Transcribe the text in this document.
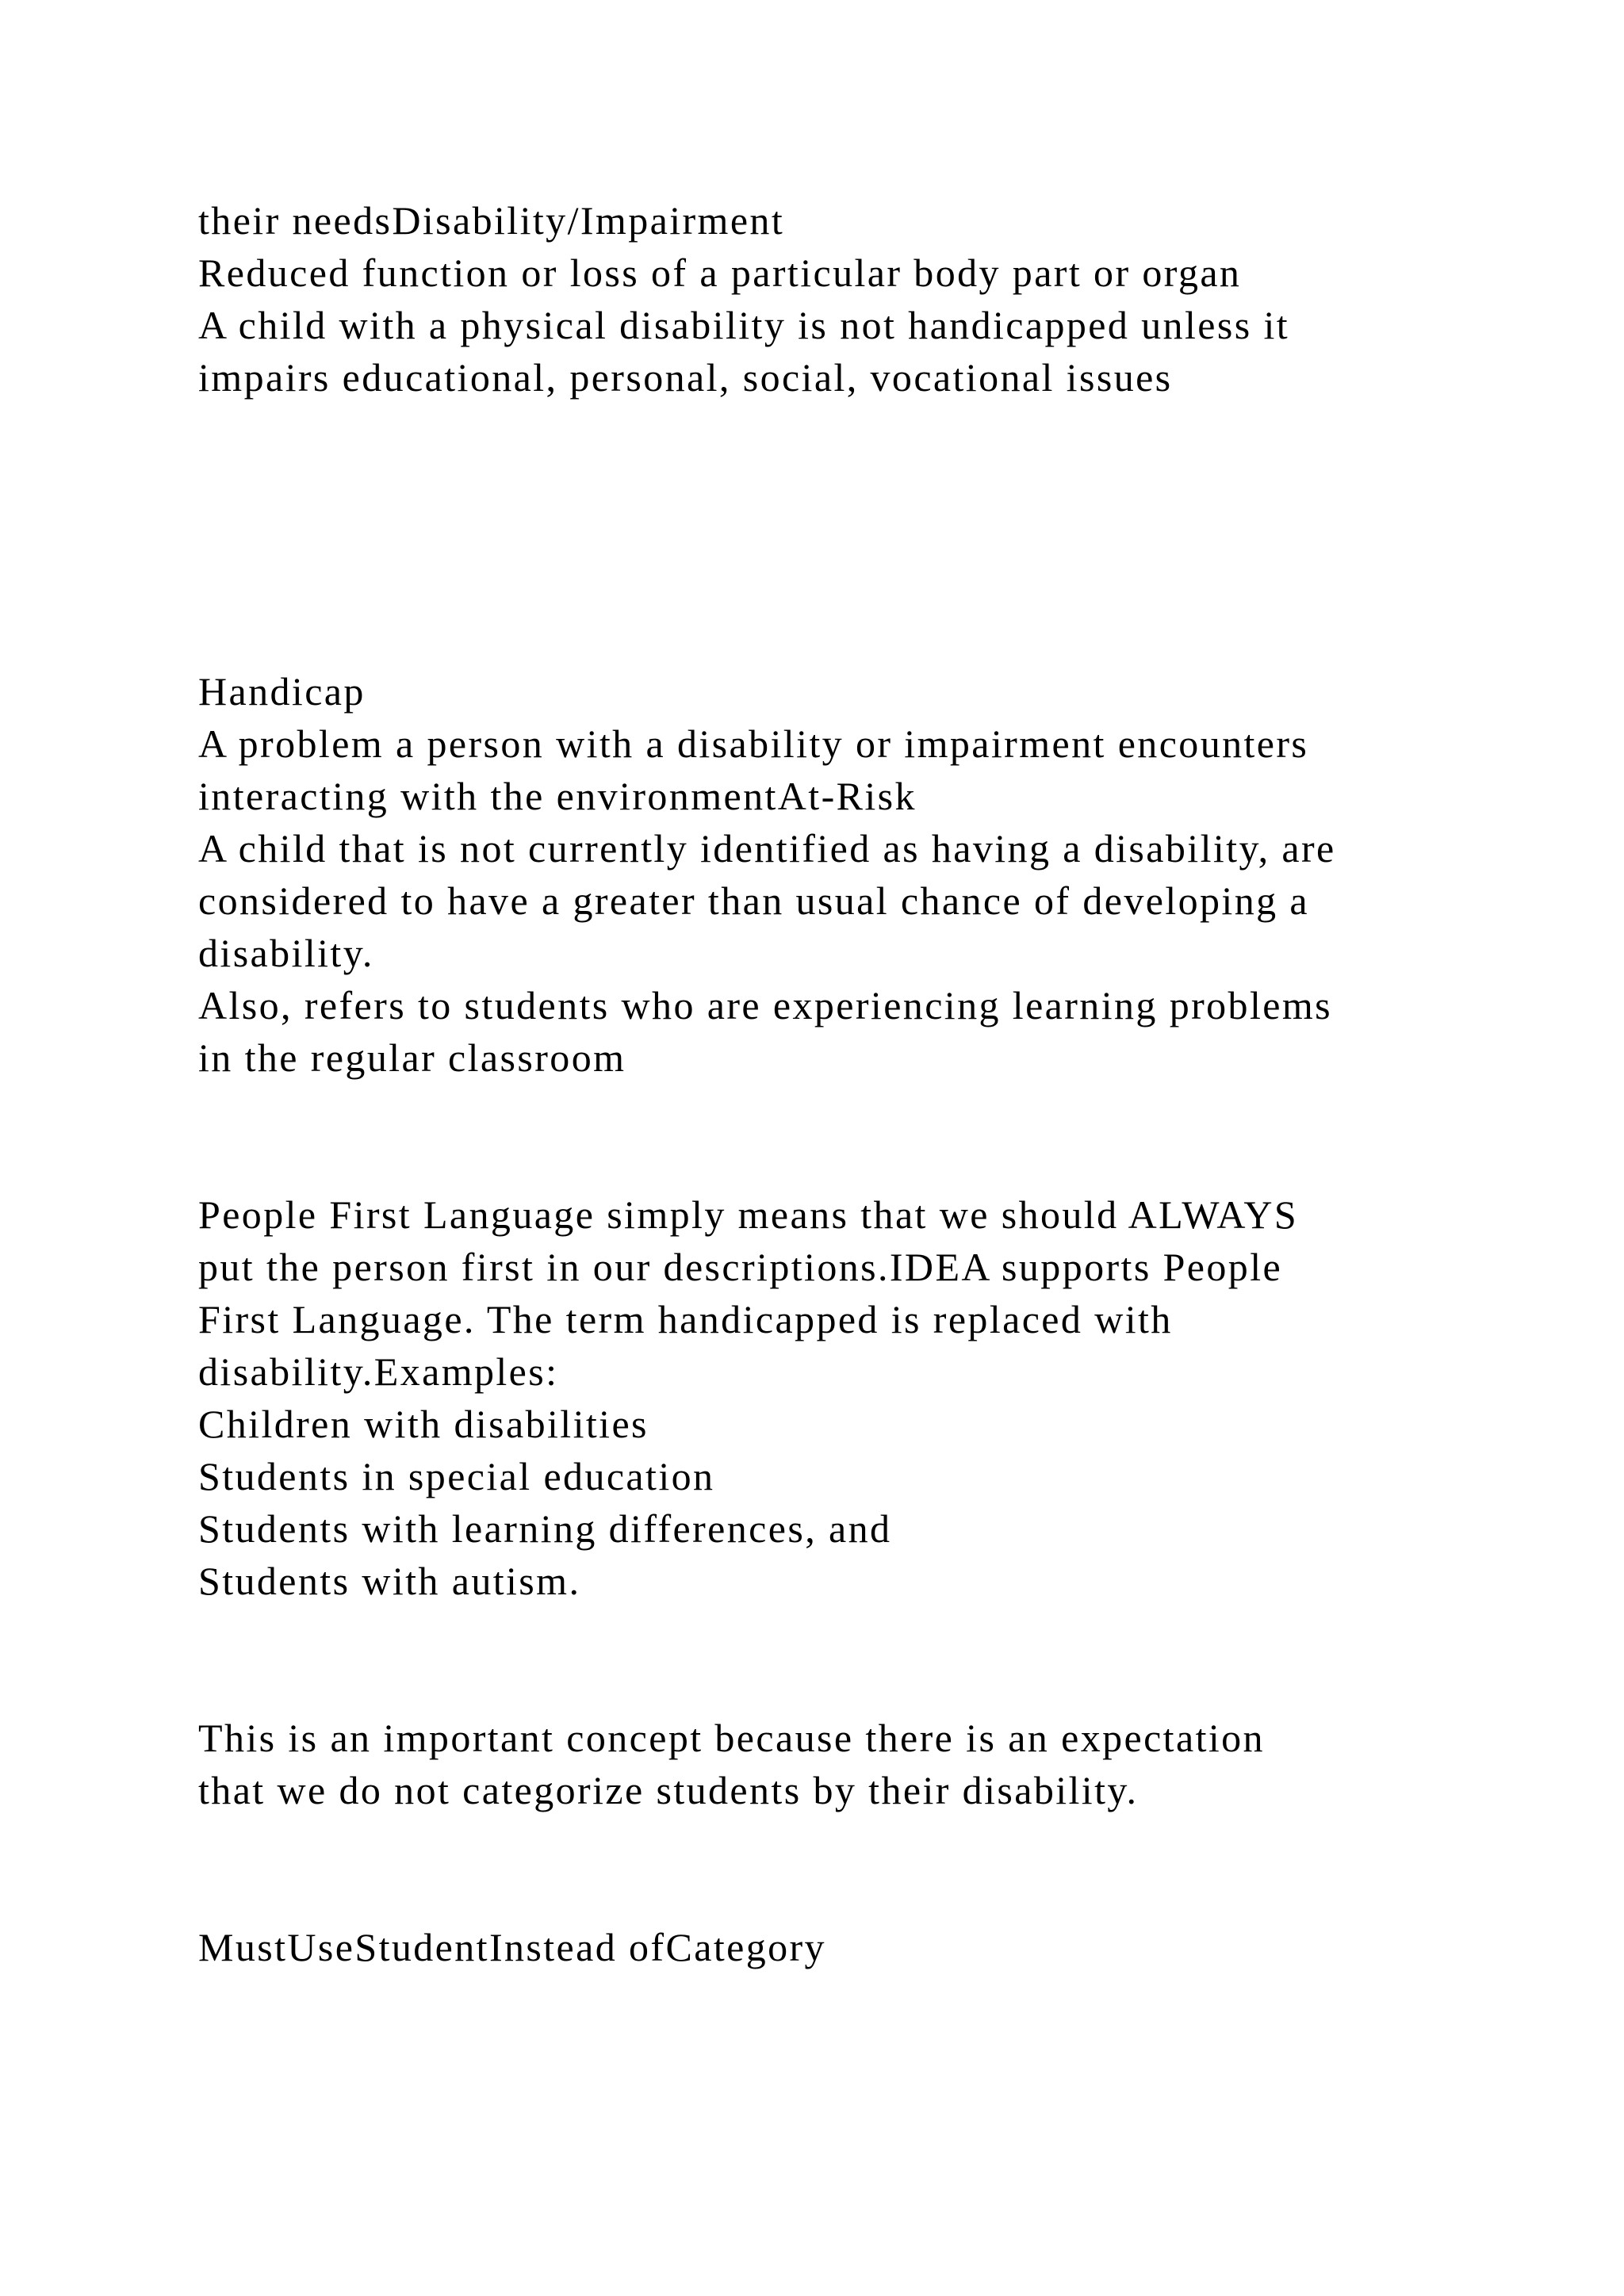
their needsDisability/Impairment

Reduced function or loss of a particular body part or organ

A child with a physical disability is not handicapped unless it

impairs educational, personal, social, vocational issues

Handicap

A problem a person with a disability or impairment encounters

interacting with the environmentAt-Risk

A child that is not currently identified as having a disability, are

considered to have a greater than usual chance of developing a

disability.

Also, refers to students who are experiencing learning problems

in the regular classroom

People First Language simply means that we should ALWAYS

put the person first in our descriptions.IDEA supports People

First Language. The term handicapped is replaced with

disability.Examples:

Children with disabilities

Students in special education

Students with learning differences, and

Students with autism.

This is an important concept because there is an expectation

that we do not categorize students by their disability.

MustUseStudentInstead ofCategory
